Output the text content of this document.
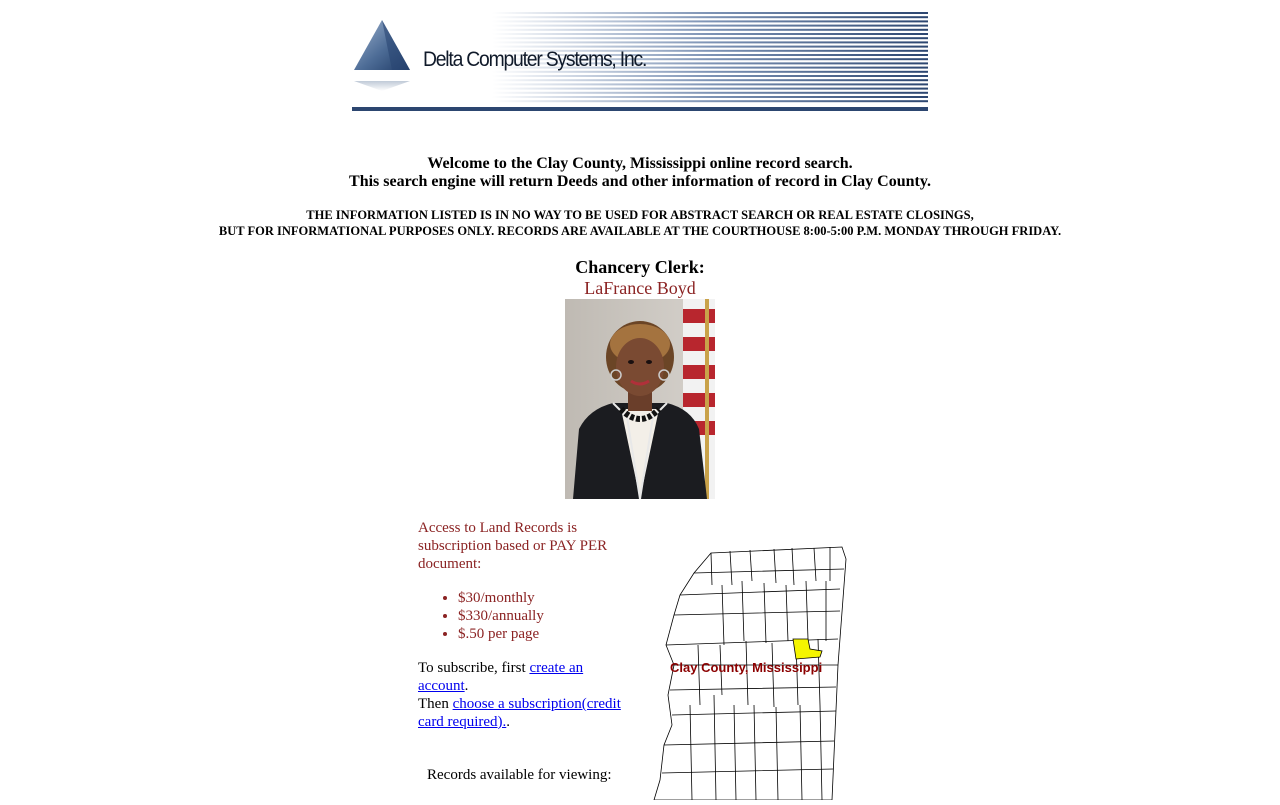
Delta Computer Systems, Inc.
Welcome to the Clay County, Mississippi online record search.
This search engine will return Deeds and other information of record in Clay County.
THE INFORMATION LISTED IS IN NO WAY TO BE USED FOR ABSTRACT SEARCH OR REAL ESTATE CLOSINGS,
BUT FOR INFORMATIONAL PURPOSES ONLY. RECORDS ARE AVAILABLE AT THE COURTHOUSE 8:00-5:00 P.M. MONDAY THROUGH FRIDAY.
Chancery Clerk:
LaFrance Boyd
Access to Land Records is subscription based or PAY PER document:
• $30/monthly
• $330/annually
• $.50 per page
To subscribe, first create an account.
Then choose a subscription(credit card required)..
Records available for viewing:
Clay County, Mississippi
